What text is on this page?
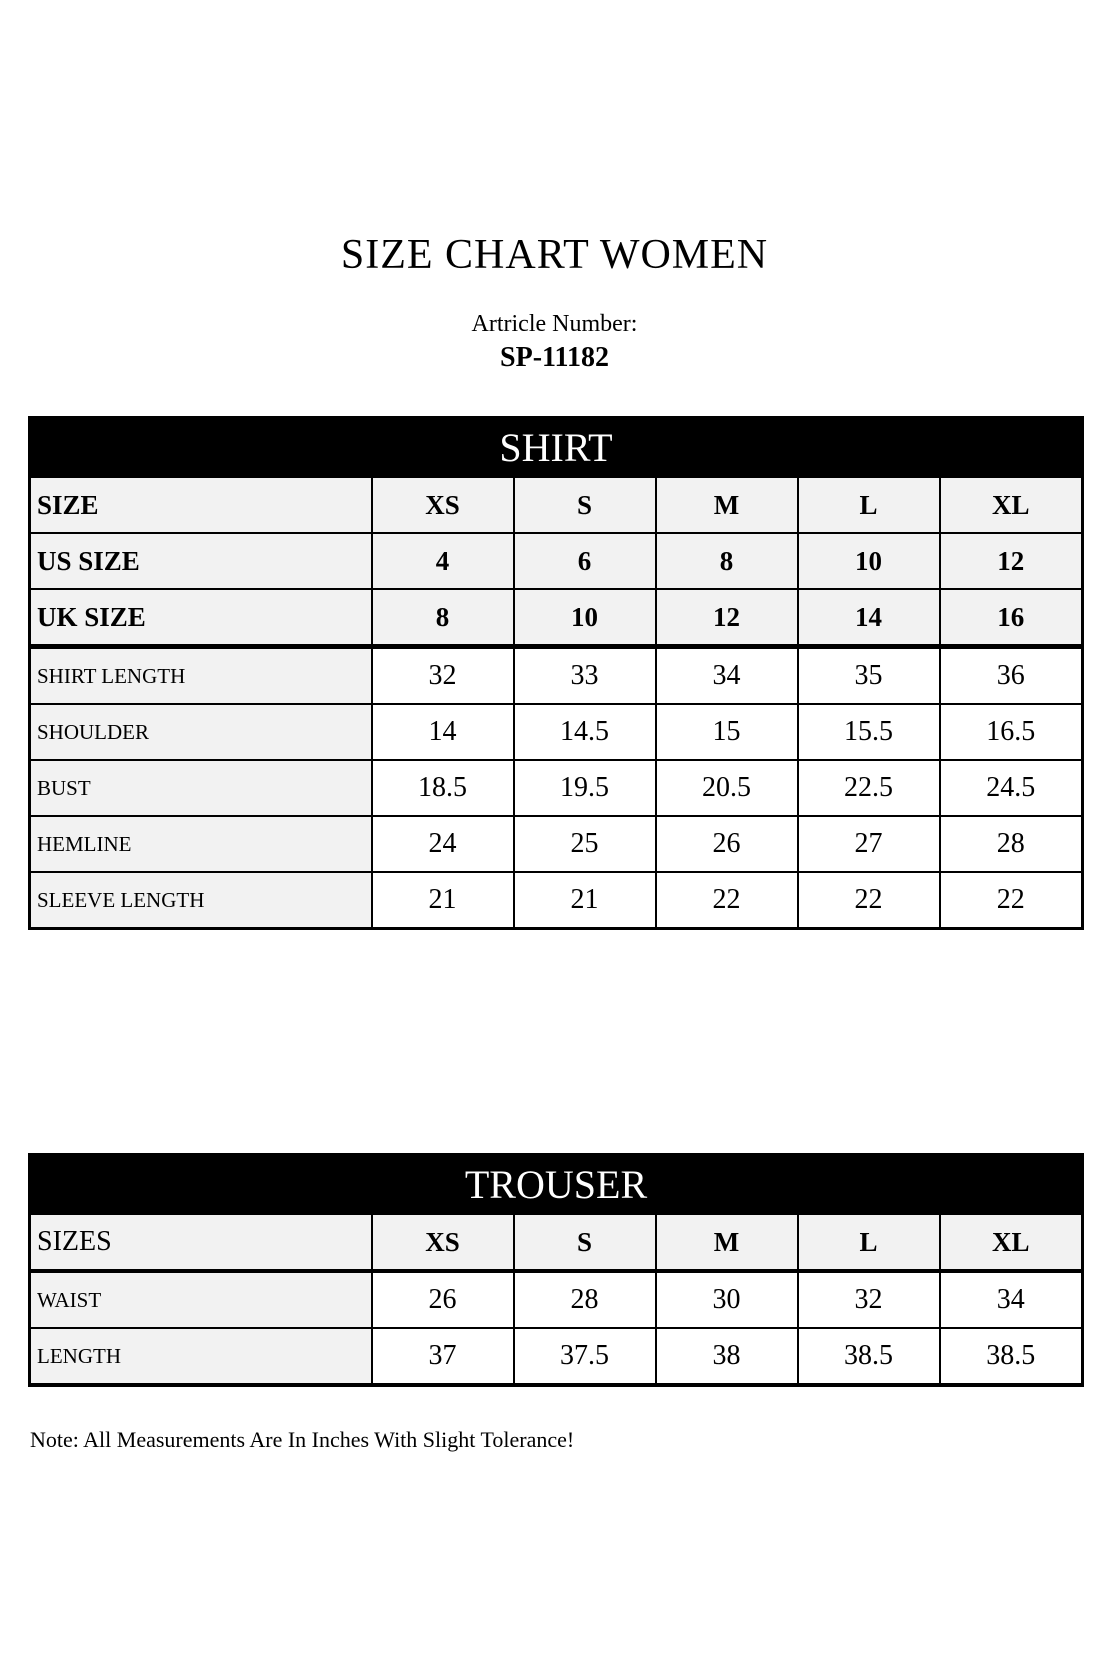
SIZE CHART WOMEN
Artricle Number:
SP-11182
SHIRT					
SIZE	XS	S	M	L	XL
US SIZE	4	6	8	10	12
UK SIZE	8	10	12	14	16
SHIRT LENGTH	32	33	34	35	36
SHOULDER	14	14.5	15	15.5	16.5
BUST	18.5	19.5	20.5	22.5	24.5
HEMLINE	24	25	26	27	28
SLEEVE LENGTH	21	21	22	22	22
TROUSER					
SIZES	XS	S	M	L	XL
WAIST	26	28	30	32	34
LENGTH	37	37.5	38	38.5	38.5
Note: All Measurements Are In Inches With Slight Tolerance!
